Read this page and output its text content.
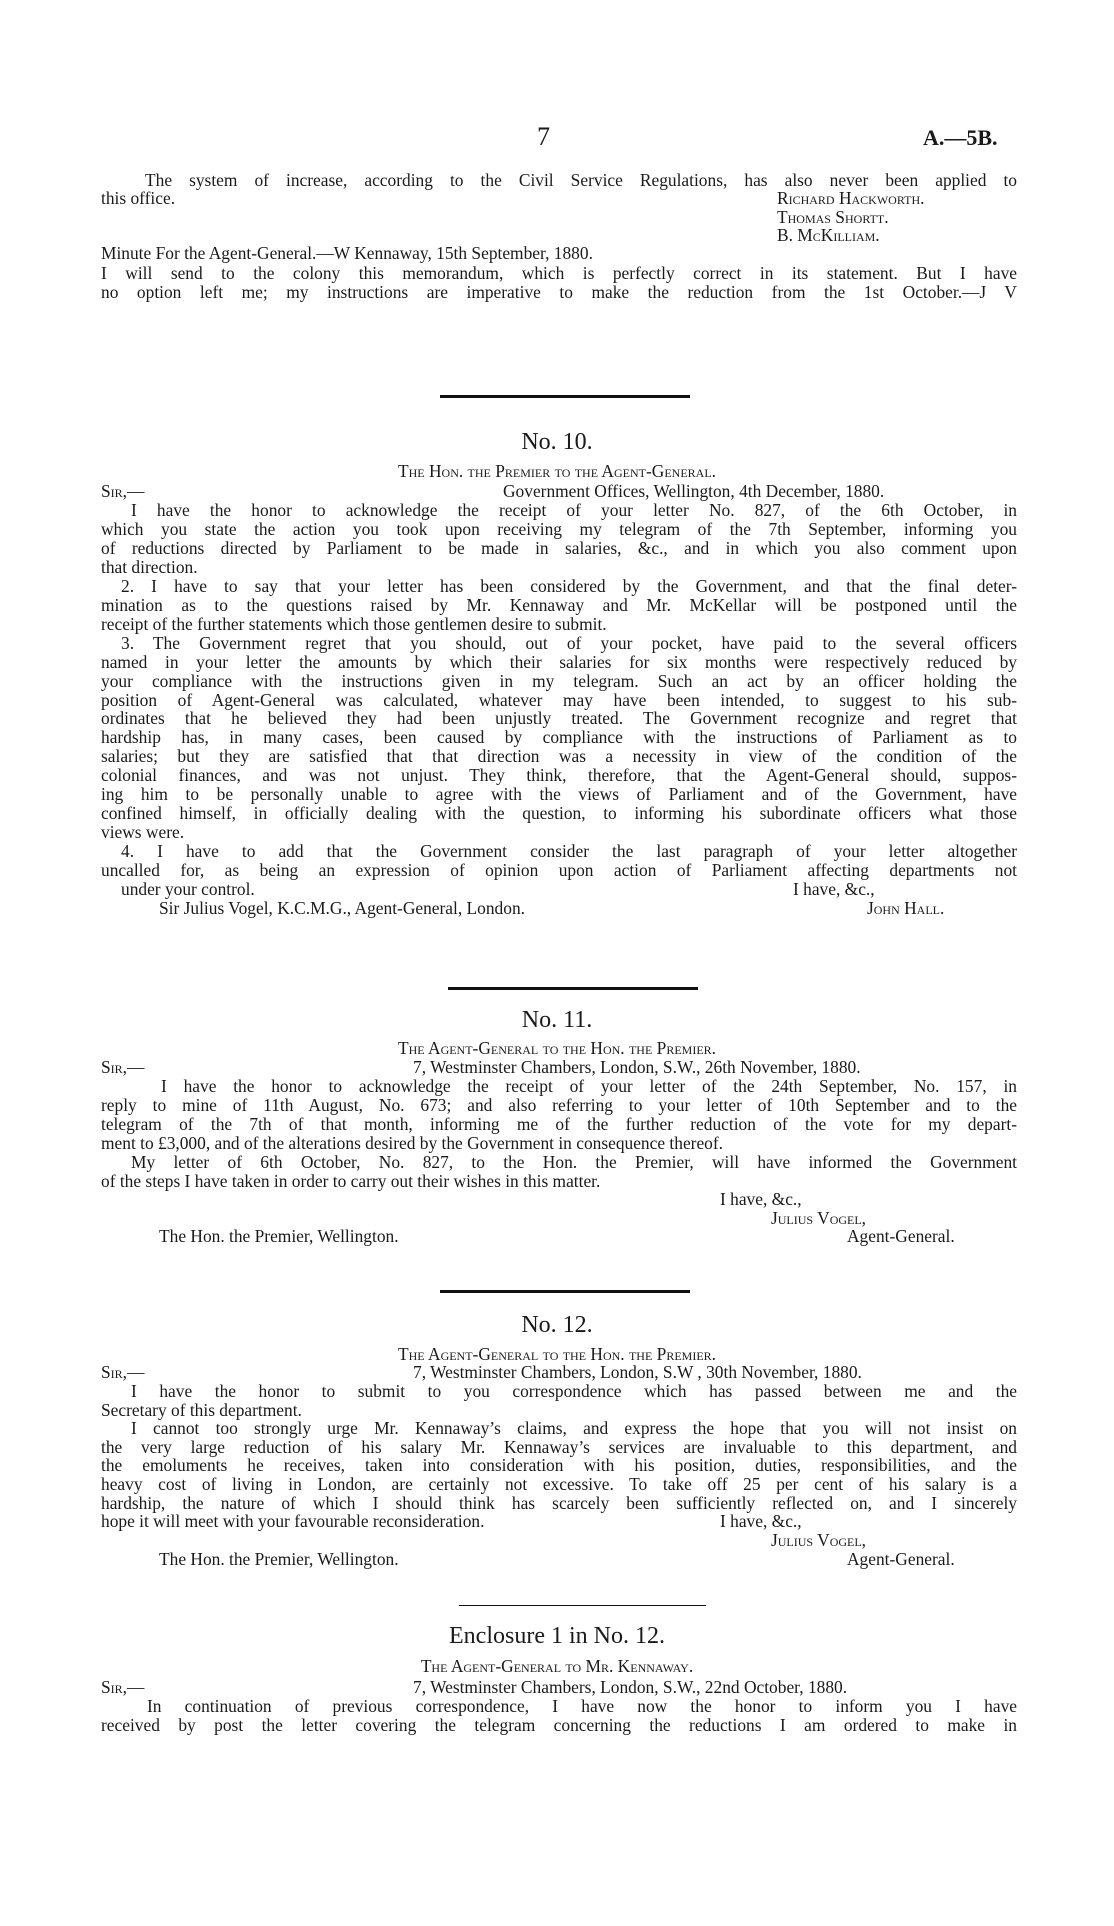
7	A.—5B.
The system of increase, according to the Civil Service Regulations, has also never been applied to
this office.	Richard Hackworth.
Thomas Shortt.
B. McKilliam.
Minute For the Agent-General.—W Kennaway, 15th September, 1880.
I will send to the colony this memorandum, which is perfectly correct in its statement. But I have
no option left me; my instructions are imperative to make the reduction from the 1st October.—J V
No. 10.
The Hon. the Premier to the Agent-General.
Sir,—	Government Offices, Wellington, 4th December, 1880.
I have the honor to acknowledge the receipt of your letter No. 827, of the 6th October, in
which you state the action you took upon receiving my telegram of the 7th September, informing you
of reductions directed by Parliament to be made in salaries, &c., and in which you also comment upon
that direction.
2. I have to say that your letter has been considered by the Government, and that the final deter-
mination as to the questions raised by Mr. Kennaway and Mr. McKellar will be postponed until the
receipt of the further statements which those gentlemen desire to submit.
3. The Government regret that you should, out of your pocket, have paid to the several officers
named in your letter the amounts by which their salaries for six months were respectively reduced by
your compliance with the instructions given in my telegram. Such an act by an officer holding the
position of Agent-General was calculated, whatever may have been intended, to suggest to his sub-
ordinates that he believed they had been unjustly treated. The Government recognize and regret that
hardship has, in many cases, been caused by compliance with the instructions of Parliament as to
salaries; but they are satisfied that that direction was a necessity in view of the condition of the
colonial finances, and was not unjust. They think, therefore, that the Agent-General should, suppos-
ing him to be personally unable to agree with the views of Parliament and of the Government, have
confined himself, in officially dealing with the question, to informing his subordinate officers what those
views were.
4. I have to add that the Government consider the last paragraph of your letter altogether
uncalled for, as being an expression of opinion upon action of Parliament affecting departments not
under your control.	I have, &c.,
Sir Julius Vogel, K.C.M.G., Agent-General, London.	John Hall.
No. 11.
The Agent-General to the Hon. the Premier.
Sir,—	7, Westminster Chambers, London, S.W., 26th November, 1880.
I have the honor to acknowledge the receipt of your letter of the 24th September, No. 157, in
reply to mine of 11th August, No. 673; and also referring to your letter of 10th September and to the
telegram of the 7th of that month, informing me of the further reduction of the vote for my depart-
ment to £3,000, and of the alterations desired by the Government in consequence thereof.
My letter of 6th October, No. 827, to the Hon. the Premier, will have informed the Government
of the steps I have taken in order to carry out their wishes in this matter.
I have, &c.,
Julius Vogel,
The Hon. the Premier, Wellington.	Agent-General.
No. 12.
The Agent-General to the Hon. the Premier.
Sir,—	7, Westminster Chambers, London, S.W , 30th November, 1880.
I have the honor to submit to you correspondence which has passed between me and the
Secretary of this department.
I cannot too strongly urge Mr. Kennaway’s claims, and express the hope that you will not insist on
the very large reduction of his salary Mr. Kennaway’s services are invaluable to this department, and
the emoluments he receives, taken into consideration with his position, duties, responsibilities, and the
heavy cost of living in London, are certainly not excessive. To take off 25 per cent of his salary is a
hardship, the nature of which I should think has scarcely been sufficiently reflected on, and I sincerely
hope it will meet with your favourable reconsideration.	I have, &c.,
Julius Vogel,
The Hon. the Premier, Wellington.	Agent-General.
Enclosure 1 in No. 12.
The Agent-General to Mr. Kennaway.
Sir,—	7, Westminster Chambers, London, S.W., 22nd October, 1880.
In continuation of previous correspondence, I have now the honor to inform you I have
received by post the letter covering the telegram concerning the reductions I am ordered to make in
